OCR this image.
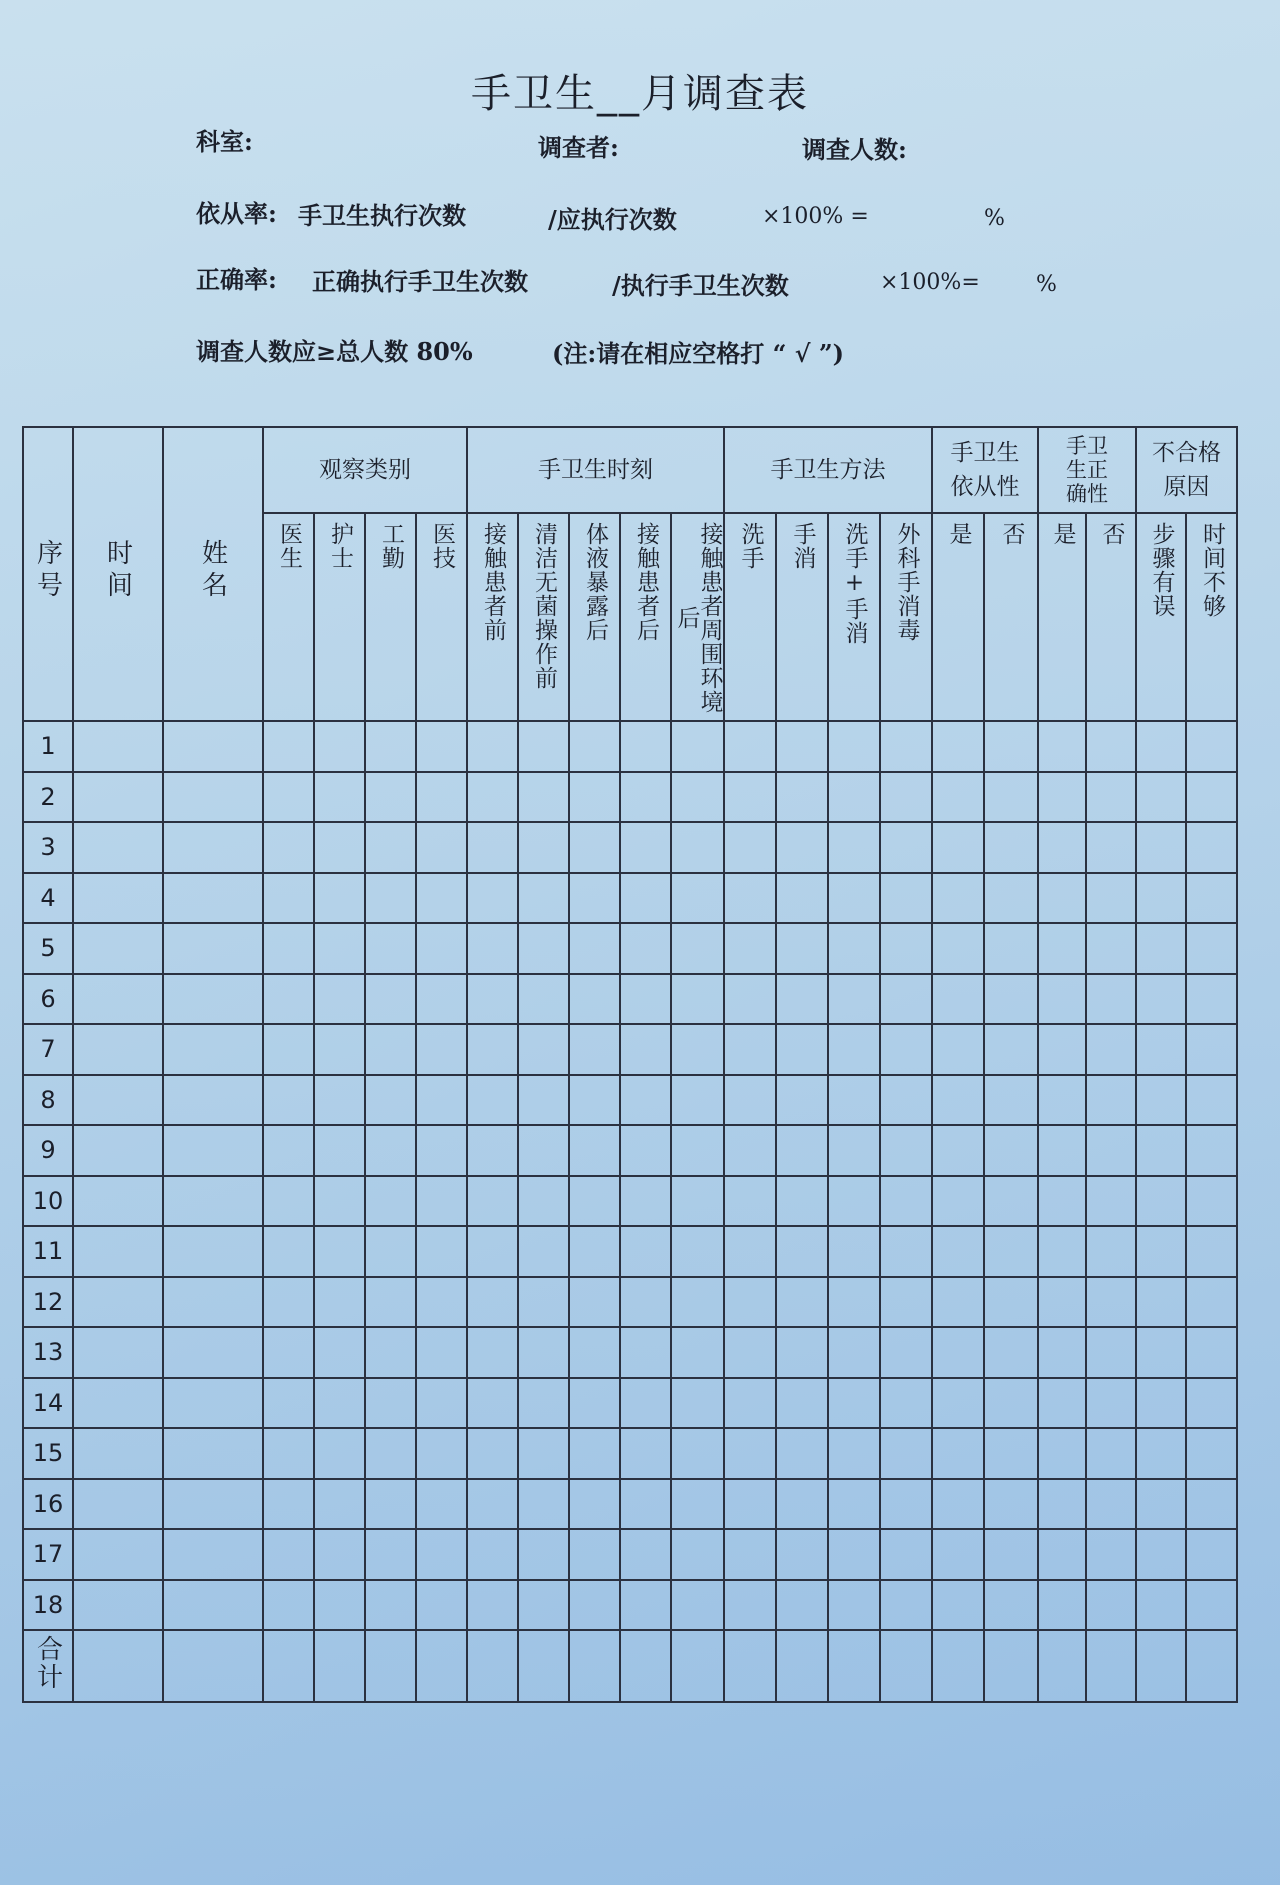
手卫生__月调查表
科室:	调查者:	调查人数:
依从率: 手卫生执行次数	/应执行次数	×100% =	%
正确率: 正确执行手卫生次数	/执行手卫生次数	×100%=	%
调查人数应≥总人数 80%	(注:请在相应空格打 “ √ ”)
序号	时间	姓名	观察类别				手卫生时刻					手卫生方法				手卫生依从性		手卫生正确性		不合格原因	

			医生	护士	工勤	医技	接触患者前	清洁无菌操作前	体液暴露后	接触患者后	接触患者周围环境后	洗手	手消	洗手+手消	外科手消毒	是	否	是	否	步骤有误	时间不够
1																					
2																					
3																					
4																					
5																					
6																					
7																					
8																					
9																					
10																					
11																					
12																					
13																					
14																					
15																					
16																					
17																					
18																					
合计																					
